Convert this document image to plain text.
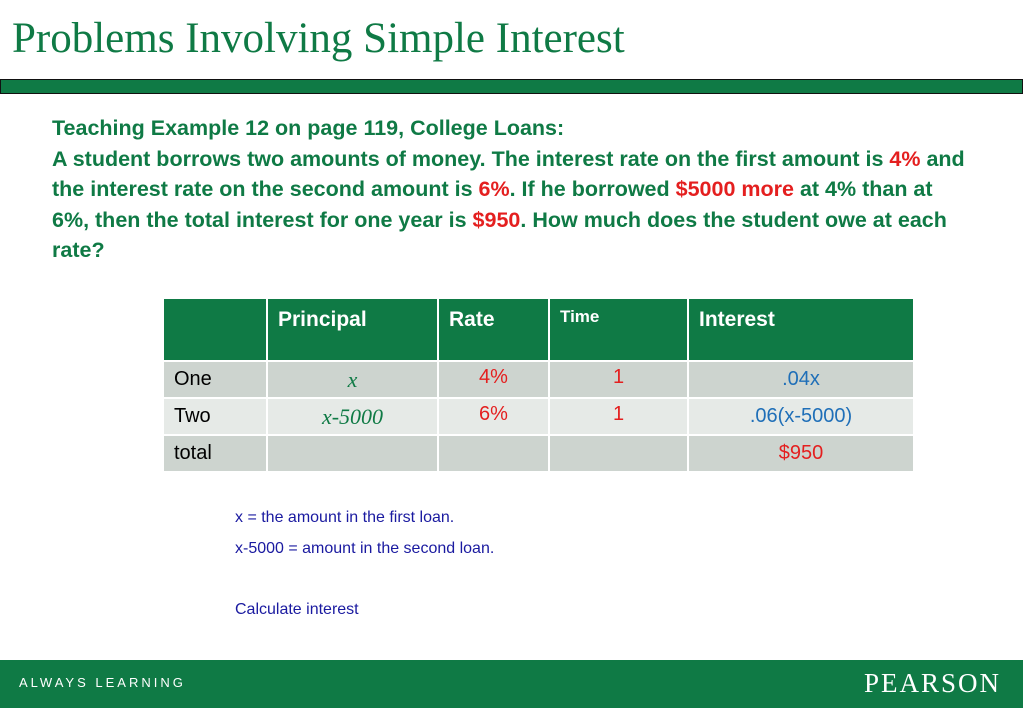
Problems Involving Simple Interest
Teaching Example 12 on page 119, College Loans:
A student borrows two amounts of money. The interest rate on the first amount is 4% and the interest rate on the second amount is 6%. If he borrowed $5000 more at 4% than at 6%, then the total interest for one year is $950. How much does the student owe at each rate?
	Principal	Rate	Time	Interest
One	x	4%	1	.04x
Two	x-5000	6%	1	.06(x-5000)
total				$950
x = the amount in the first loan.
x-5000 = amount in the second loan.
Calculate interest
ALWAYS LEARNING	PEARSON
